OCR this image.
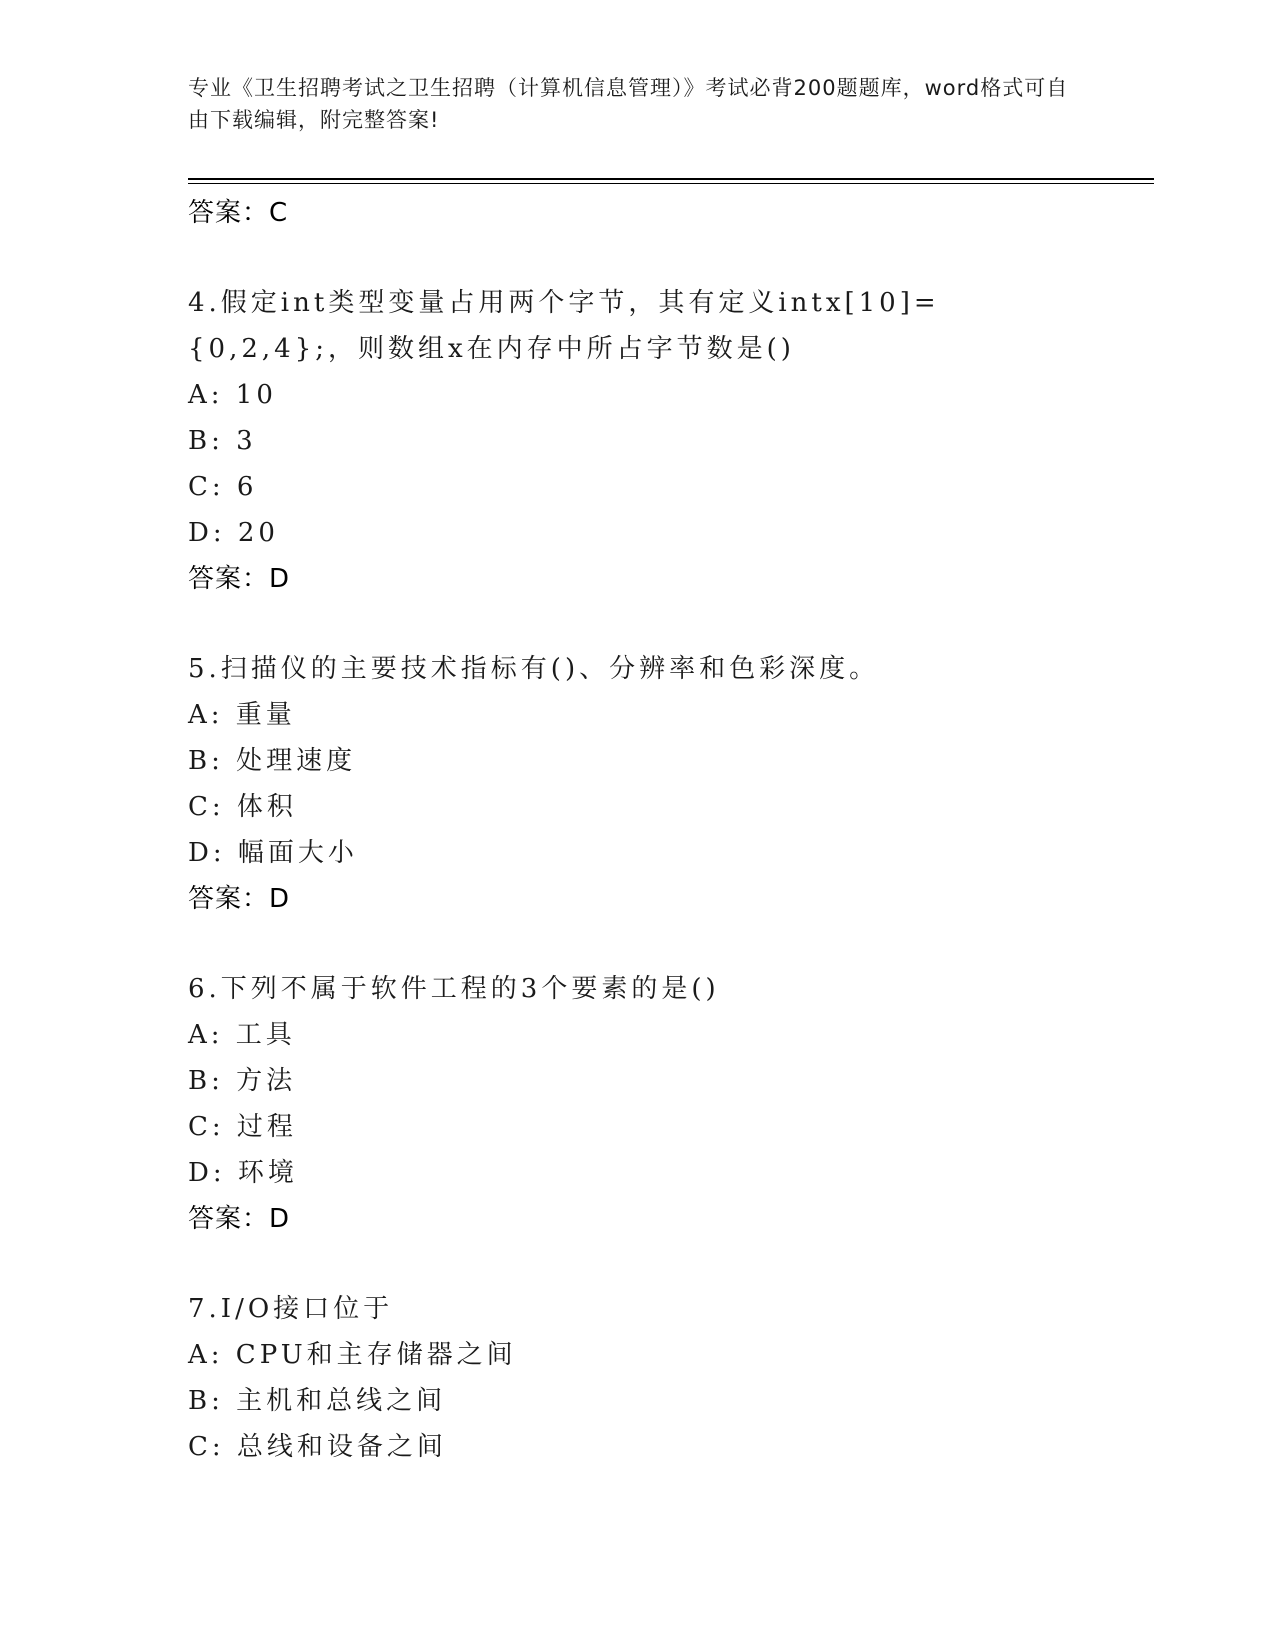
专业《卫生招聘考试之卫生招聘（计算机信息管理）》考试必背200题题库，word格式可自由下载编辑，附完整答案!
答案：C
4.假定int类型变量占用两个字节，其有定义intx[10]={0,2,4};，则数组x在内存中所占字节数是()
A: 10
B: 3
C: 6
D: 20
答案：D
5.扫描仪的主要技术指标有()、分辨率和色彩深度。
A: 重量
B: 处理速度
C: 体积
D: 幅面大小
答案：D
6.下列不属于软件工程的3个要素的是()
A: 工具
B: 方法
C: 过程
D: 环境
答案：D
7.I/O接口位于
A: CPU和主存储器之间
B: 主机和总线之间
C: 总线和设备之间
